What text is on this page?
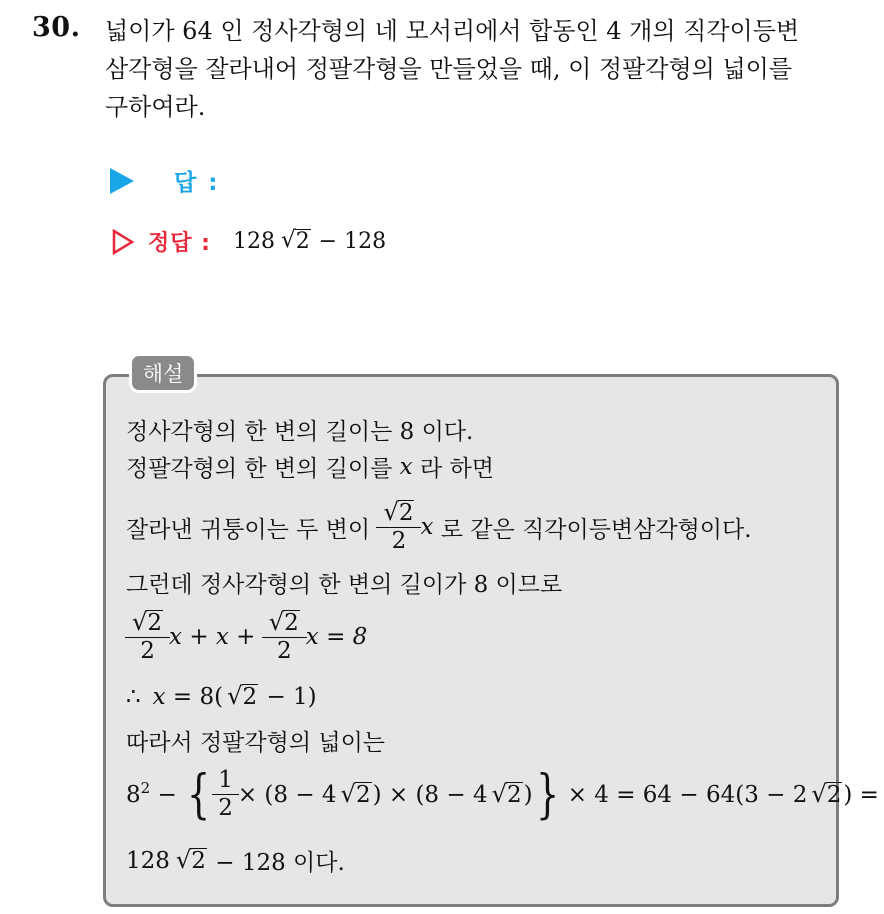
30. 넓이가 64 인 정사각형의 네 모서리에서 합동인 4 개의 직각이등변
삼각형을 잘라내어 정팔각형을 만들었을 때, 이 정팔각형의 넓이를
구하여라.
답 :
정답 : 128 √ 2 − 128
해설
정사각형의 한 변의 길이는 8 이다.
정팔각형의 한 변의 길이를 x 라 하면
잘라낸 귀퉁이는 두 변이 $\frac{√ 2}{2}$ x 로 같은 직각이등변삼각형이다.
그런데 정사각형의 한 변의 길이가 8 이므로
$\frac{√ 2}{2}$ $x + x + \frac{√ 2}{2}$ x = 8
∴ x = 8( √ 2 − 1)
따라서 정팔각형의 넓이는
$8^2$ − { $\frac{1}{2} \times (8 - 4$ √ 2 ) × (8 − 4 √ 2 ) } × 4 = 64 − 64(3 − 2 √ 2 ) =
128 √ 2 − 128 이다.
